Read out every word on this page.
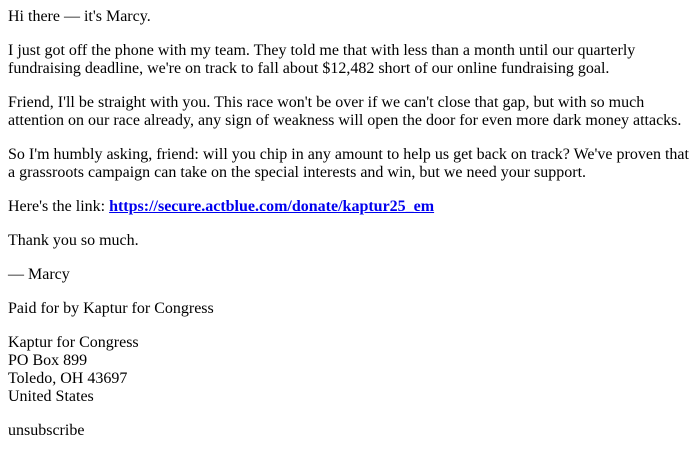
Hi there — it's Marcy.

I just got off the phone with my team. They told me that with less than a month until our quarterly fundraising deadline, we're on track to fall about $12,482 short of our online fundraising goal.

Friend, I'll be straight with you. This race won't be over if we can't close that gap, but with so much attention on our race already, any sign of weakness will open the door for even more dark money attacks.

So I'm humbly asking, friend: will you chip in any amount to help us get back on track? We've proven that a grassroots campaign can take on the special interests and win, but we need your support.

Here's the link: https://secure.actblue.com/donate/kaptur25_em

Thank you so much.

— Marcy

Paid for by Kaptur for Congress

Kaptur for Congress
PO Box 899
Toledo, OH 43697
United States

unsubscribe
